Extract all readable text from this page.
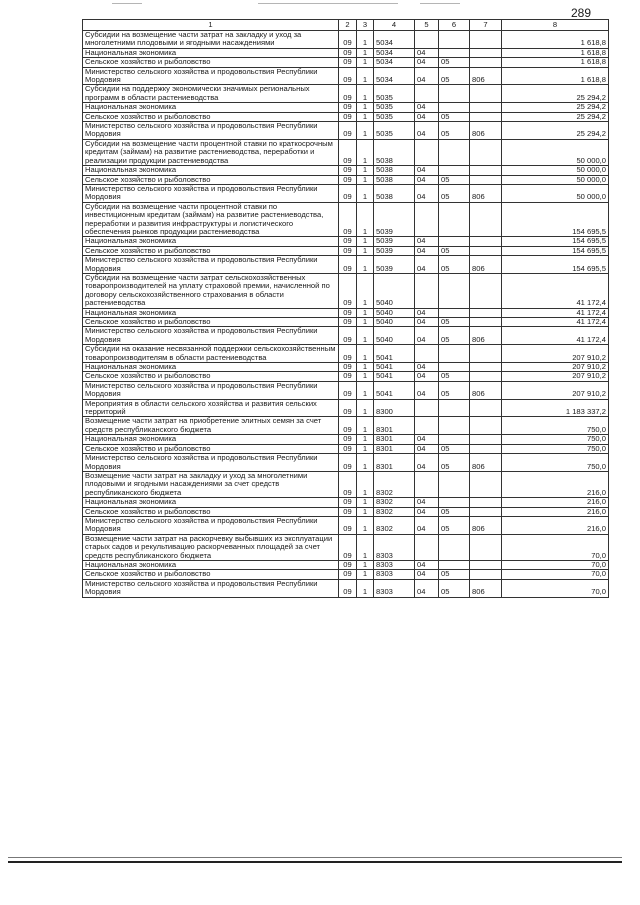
289
1	2	3	4	5	6	7	8
Субсидии на возмещение части затрат на закладку и уход за многолетними плодовыми и ягодными насаждениями	09	1	5034				1 618,8
Национальная экономика	09	1	5034	04			1 618,8
Сельское хозяйство и рыболовство	09	1	5034	04	05		1 618,8
Министерство сельского хозяйства и продовольствия Республики Мордовия	09	1	5034	04	05	806	1 618,8
Субсидии на поддержку экономически значимых региональных программ в области растениеводства	09	1	5035				25 294,2
Национальная экономика	09	1	5035	04			25 294,2
Сельское хозяйство и рыболовство	09	1	5035	04	05		25 294,2
Министерство сельского хозяйства и продовольствия Республики Мордовия	09	1	5035	04	05	806	25 294,2
Субсидии на возмещение части процентной ставки по краткосрочным кредитам (займам) на развитие растениеводства, переработки и реализации продукции растениеводства	09	1	5038				50 000,0
Национальная экономика	09	1	5038	04			50 000,0
Сельское хозяйство и рыболовство	09	1	5038	04	05		50 000,0
Министерство сельского хозяйства и продовольствия Республики Мордовия	09	1	5038	04	05	806	50 000,0
Субсидии на возмещение части процентной ставки по инвестиционным кредитам (займам) на развитие растениеводства, переработки и развития инфраструктуры и логистического обеспечения рынков продукции растениеводства	09	1	5039				154 695,5
Национальная экономика	09	1	5039	04			154 695,5
Сельское хозяйство и рыболовство	09	1	5039	04	05		154 695,5
Министерство сельского хозяйства и продовольствия Республики Мордовия	09	1	5039	04	05	806	154 695,5
Субсидии на возмещение части затрат сельскохозяйственных товаропроизводителей на уплату страховой премии, начисленной по договору сельскохозяйственного страхования в области растениеводства	09	1	5040				41 172,4
Национальная экономика	09	1	5040	04			41 172,4
Сельское хозяйство и рыболовство	09	1	5040	04	05		41 172,4
Министерство сельского хозяйства и продовольствия Республики Мордовия	09	1	5040	04	05	806	41 172,4
Субсидии на оказание несвязанной поддержки сельскохозяйственным товаропроизводителям в области растениеводства	09	1	5041				207 910,2
Национальная экономика	09	1	5041	04			207 910,2
Сельское хозяйство и рыболовство	09	1	5041	04	05		207 910,2
Министерство сельского хозяйства и продовольствия Республики Мордовия	09	1	5041	04	05	806	207 910,2
Мероприятия в области сельского хозяйства и развития сельских территорий	09	1	8300				1 183 337,2
Возмещение части затрат на приобретение элитных семян за счет средств республиканского бюджета	09	1	8301				750,0
Национальная экономика	09	1	8301	04			750,0
Сельское хозяйство и рыболовство	09	1	8301	04	05		750,0
Министерство сельского хозяйства и продовольствия Республики Мордовия	09	1	8301	04	05	806	750,0
Возмещение части затрат на закладку и уход за многолетними плодовыми и ягодными насаждениями за счет средств республиканского бюджета	09	1	8302				216,0
Национальная экономика	09	1	8302	04			216,0
Сельское хозяйство и рыболовство	09	1	8302	04	05		216,0
Министерство сельского хозяйства и продовольствия Республики Мордовия	09	1	8302	04	05	806	216,0
Возмещение части затрат на раскорчевку выбывших из эксплуатации старых садов и рекультивацию раскорчеванных площадей за счет средств республиканского бюджета	09	1	8303				70,0
Национальная экономика	09	1	8303	04			70,0
Сельское хозяйство и рыболовство	09	1	8303	04	05		70,0
Министерство сельского хозяйства и продовольствия Республики Мордовия	09	1	8303	04	05	806	70,0
